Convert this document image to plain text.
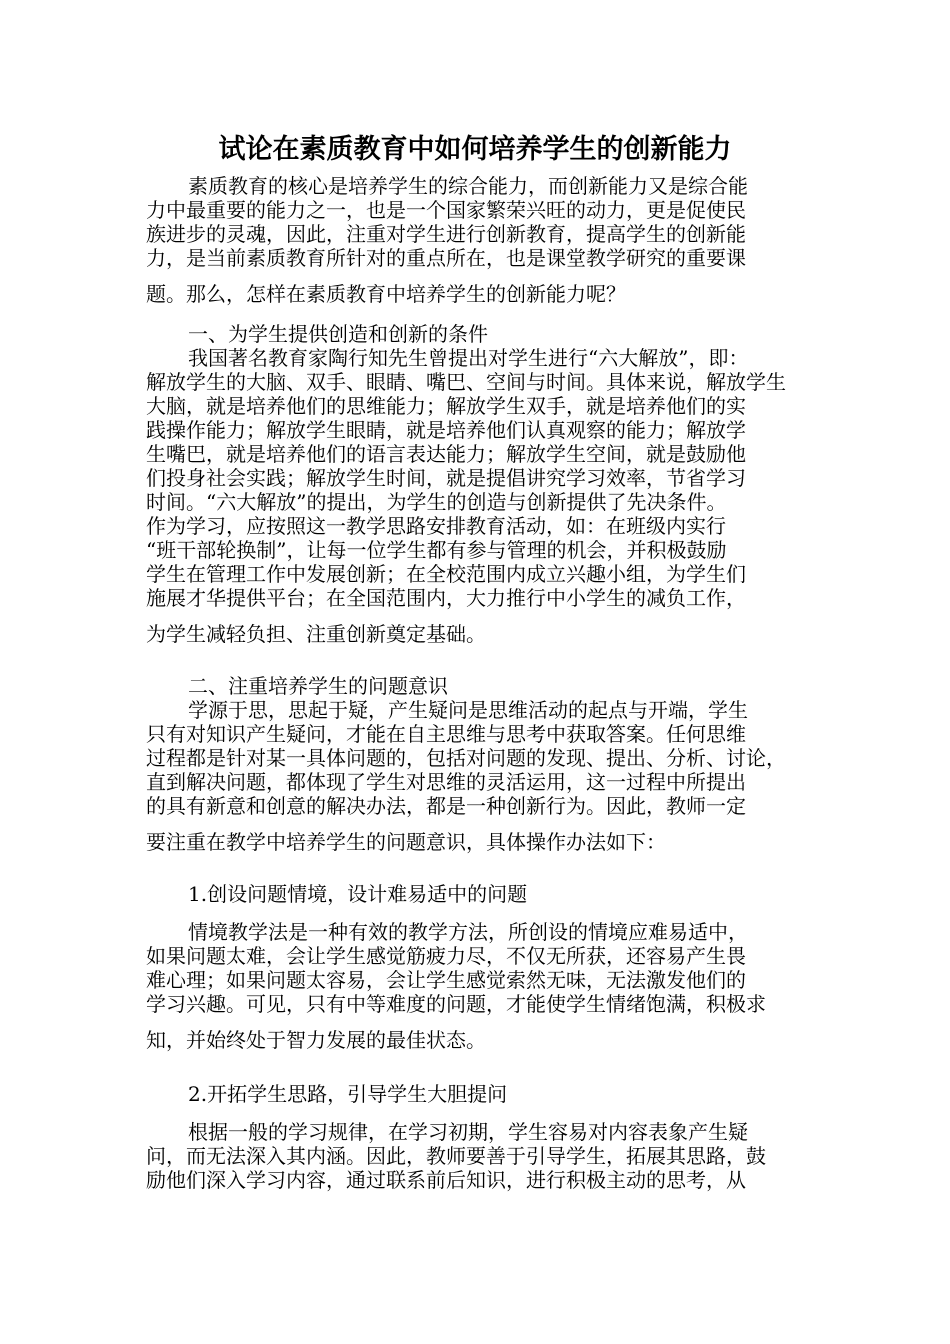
试论在素质教育中如何培养学生的创新能力
素质教育的核心是培养学生的综合能力，而创新能力又是综合能
力中最重要的能力之一，也是一个国家繁荣兴旺的动力，更是促使民
族进步的灵魂，因此，注重对学生进行创新教育，提高学生的创新能
力，是当前素质教育所针对的重点所在，也是课堂教学研究的重要课
题。那么，怎样在素质教育中培养学生的创新能力呢？
一、为学生提供创造和创新的条件
我国著名教育家陶行知先生曾提出对学生进行“六大解放”，即：
解放学生的大脑、双手、眼睛、嘴巴、空间与时间。具体来说，解放学生
大脑，就是培养他们的思维能力；解放学生双手，就是培养他们的实
践操作能力；解放学生眼睛，就是培养他们认真观察的能力；解放学
生嘴巴，就是培养他们的语言表达能力；解放学生空间，就是鼓励他
们投身社会实践；解放学生时间，就是提倡讲究学习效率，节省学习
时间。“六大解放”的提出，为学生的创造与创新提供了先决条件。
作为学习，应按照这一教学思路安排教育活动，如：在班级内实行
“班干部轮换制”，让每一位学生都有参与管理的机会，并积极鼓励
学生在管理工作中发展创新；在全校范围内成立兴趣小组，为学生们
施展才华提供平台；在全国范围内，大力推行中小学生的减负工作，
为学生减轻负担、注重创新奠定基础。
二、注重培养学生的问题意识
学源于思，思起于疑，产生疑问是思维活动的起点与开端，学生
只有对知识产生疑问，才能在自主思维与思考中获取答案。任何思维
过程都是针对某一具体问题的，包括对问题的发现、提出、分析、讨论，
直到解决问题，都体现了学生对思维的灵活运用，这一过程中所提出
的具有新意和创意的解决办法，都是一种创新行为。因此，教师一定
要注重在教学中培养学生的问题意识，具体操作办法如下：
1.创设问题情境，设计难易适中的问题
情境教学法是一种有效的教学方法，所创设的情境应难易适中，
如果问题太难，会让学生感觉筋疲力尽，不仅无所获，还容易产生畏
难心理；如果问题太容易，会让学生感觉索然无味，无法激发他们的
学习兴趣。可见，只有中等难度的问题，才能使学生情绪饱满，积极求
知，并始终处于智力发展的最佳状态。
2.开拓学生思路，引导学生大胆提问
根据一般的学习规律，在学习初期，学生容易对内容表象产生疑
问，而无法深入其内涵。因此，教师要善于引导学生，拓展其思路，鼓
励他们深入学习内容，通过联系前后知识，进行积极主动的思考，从
